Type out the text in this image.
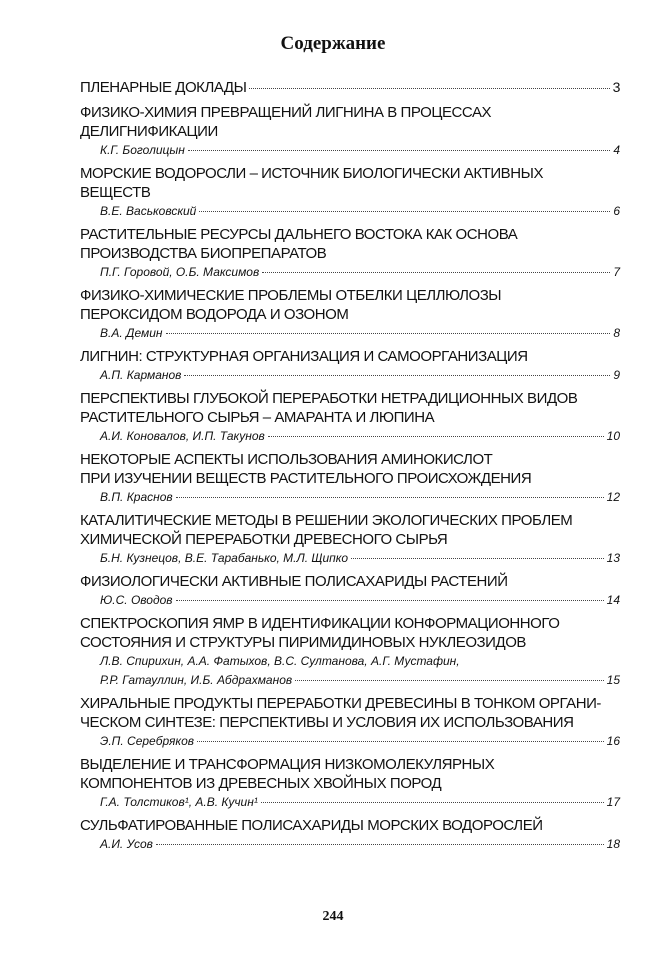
Содержание
ПЛЕНАРНЫЕ ДОКЛАДЫ	3
ФИЗИКО-ХИМИЯ ПРЕВРАЩЕНИЙ ЛИГНИНА В ПРОЦЕССАХ
ДЕЛИГНИФИКАЦИИ
К.Г. Боголицын	4
МОРСКИЕ ВОДОРОСЛИ – ИСТОЧНИК БИОЛОГИЧЕСКИ АКТИВНЫХ
ВЕЩЕСТВ
В.Е. Васьковский	6
РАСТИТЕЛЬНЫЕ РЕСУРСЫ ДАЛЬНЕГО ВОСТОКА КАК ОСНОВА
ПРОИЗВОДСТВА БИОПРЕПАРАТОВ
П.Г. Горовой, О.Б. Максимов	7
ФИЗИКО-ХИМИЧЕСКИЕ ПРОБЛЕМЫ ОТБЕЛКИ ЦЕЛЛЮЛОЗЫ
ПЕРОКСИДОМ ВОДОРОДА И ОЗОНОМ
В.А. Демин	8
ЛИГНИН: СТРУКТУРНАЯ ОРГАНИЗАЦИЯ И САМООРГАНИЗАЦИЯ
А.П. Карманов	9
ПЕРСПЕКТИВЫ ГЛУБОКОЙ ПЕРЕРАБОТКИ НЕТРАДИЦИОННЫХ ВИДОВ
РАСТИТЕЛЬНОГО СЫРЬЯ – АМАРАНТА И ЛЮПИНА
А.И. Коновалов, И.П. Такунов	10
НЕКОТОРЫЕ АСПЕКТЫ ИСПОЛЬЗОВАНИЯ АМИНОКИСЛОТ
ПРИ ИЗУЧЕНИИ ВЕЩЕСТВ РАСТИТЕЛЬНОГО ПРОИСХОЖДЕНИЯ
В.П. Краснов	12
КАТАЛИТИЧЕСКИЕ МЕТОДЫ В РЕШЕНИИ ЭКОЛОГИЧЕСКИХ ПРОБЛЕМ
ХИМИЧЕСКОЙ ПЕРЕРАБОТКИ ДРЕВЕСНОГО СЫРЬЯ
Б.Н. Кузнецов, В.Е. Тарабанько, М.Л. Щипко	13
ФИЗИОЛОГИЧЕСКИ АКТИВНЫЕ ПОЛИСАХАРИДЫ РАСТЕНИЙ
Ю.С. Оводов	14
СПЕКТРОСКОПИЯ ЯМР В ИДЕНТИФИКАЦИИ КОНФОРМАЦИОННОГО
СОСТОЯНИЯ И СТРУКТУРЫ ПИРИМИДИНОВЫХ НУКЛЕОЗИДОВ
Л.В. Спирихин, А.А. Фатыхов, В.С. Султанова, А.Г. Мустафин,
Р.Р. Гатауллин, И.Б. Абдрахманов	15
ХИРАЛЬНЫЕ ПРОДУКТЫ ПЕРЕРАБОТКИ ДРЕВЕСИНЫ В ТОНКОМ ОРГАНИ-
ЧЕСКОМ СИНТЕЗЕ: ПЕРСПЕКТИВЫ И УСЛОВИЯ ИХ ИСПОЛЬЗОВАНИЯ
Э.П. Серебряков	16
ВЫДЕЛЕНИЕ И ТРАНСФОРМАЦИЯ НИЗКОМОЛЕКУЛЯРНЫХ
КОМПОНЕНТОВ ИЗ ДРЕВЕСНЫХ ХВОЙНЫХ ПОРОД
Г.А. Толстиков¹, А.В. Кучин¹	17
СУЛЬФАТИРОВАННЫЕ ПОЛИСАХАРИДЫ МОРСКИХ ВОДОРОСЛЕЙ
А.И. Усов	18
244
